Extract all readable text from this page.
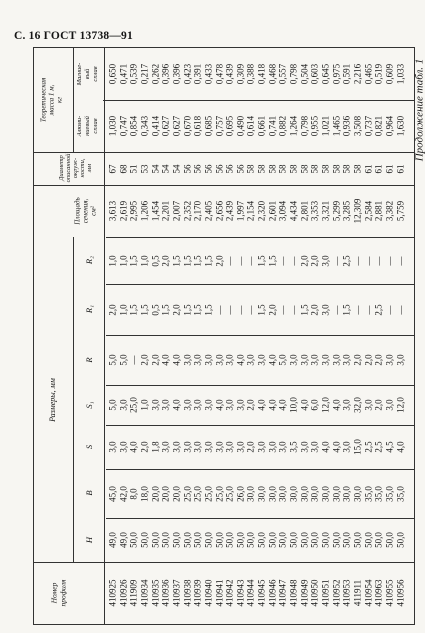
С. 16 ГОСТ 13738—91
Номер профиля
Размеры, мм
H
B
S
S₁
R
R₁
R₂
Площадь сечения, см²
Диаметр описанной окруж- ности, мм
Теоретическая масса 1 м, кг
Алюми- ниевый сплав
Магние- вый сплав	Продолжение табл. 1
0,650
1,030
67
3,613
1,0
2,0
5,0
5,0
3,0
45,0
49,0
410925
0,471
0,747
68
2,619
1,0
1,0
5,0
3,0
3,0
42,0
49,0
410926
0,539
0,854
51
2,995
1,5
1,5
—
25,0
4,0
8,0
50,0
411909
0,217
0,343
53
1,206
1,0
1,5
2,0
1,0
2,0
18,0
50,0
410934
0,262
0,414
54
1,454
0,5
0,5
2,0
3,0
1,8
20,0
50,0
410935
0,396
0,627
54
2,201
2,0
1,5
4,0
3,0
3,0
20,0
50,0
410936
0,396
0,627
54
2,007
1,5
2,0
4,0
4,0
3,0
20,0
50,0
410937
0,423
0,670
56
2,352
1,5
1,5
3,0
3,0
3,0
25,0
50,0
410938
0,391
0,618
56
2,170
1,5
1,5
3,0
3,0
3,0
25,0
50,0
410939
0,433
0,685
56
2,405
1,5
1,5
3,0
3,0
3,0
25,0
50,0
410940
0,478
0,757
56
2,656
2,0
—
3,0
4,0
3,0
25,0
50,0
410941
0,439
0,695
56
2,439
—
—
3,0
3,0
3,0
25,0
50,0
410942
0,309
0,490
56
1,997
—
—
4,0
3,0
3,0
26,0
50,0
410943
0,388
0,614
58
2,154
—
—
3,0
2,0
2,0
30,0
50,0
410944
0,418
0,661
58
2,320
1,5
1,5
3,0
4,0
3,0
30,0
50,0
410945
0,468
0,741
58
2,601
1,5
2,0
4,0
4,0
3,0
30,0
50,0
410946
0,557
0,882
58
3,094
—
—
5,0
4,0
3,0
30,0
50,0
410947
0,798
1,264
58
4,434
—
—
3,0
10,0
3,5
30,0
50,0
410948
0,504
0,798
58
2,801
2,0
1,5
3,0
4,0
3,0
30,0
50,0
410949
0,603
0,955
58
3,353
2,0
2,0
3,0
6,0
3,0
30,0
50,0
410950
0,645
1,021
58
3,321
3,0
3,0
3,0
12,0
4,0
30,0
50,0
410951
0,975
1,465
58
5,299
—
—
3,0
4,0
4,0
30,0
50,0
410952
0,591
0,936
58
3,285
2,5
1,5
3,0
3,0
3,0
30,0
50,0
410953
2,216
3,508
58
12,309
—
—
2,0
32,0
15,0
30,0
50,0
411911
0,465
0,737
61
2,584
—
—
2,0
3,0
2,5
35,0
50,0
410954
0,519
0,821
61
2,881
—
2,5
2,0
2,0
2,5
35,0
50,0
410963
0,609
0,964
61
3,382
—
—
3,0
3,0
4,5
35,0
50,0
410955
1,033
1,630
61
5,759
—
—
3,0
12,0
4,0
35,0
50,0
410956
